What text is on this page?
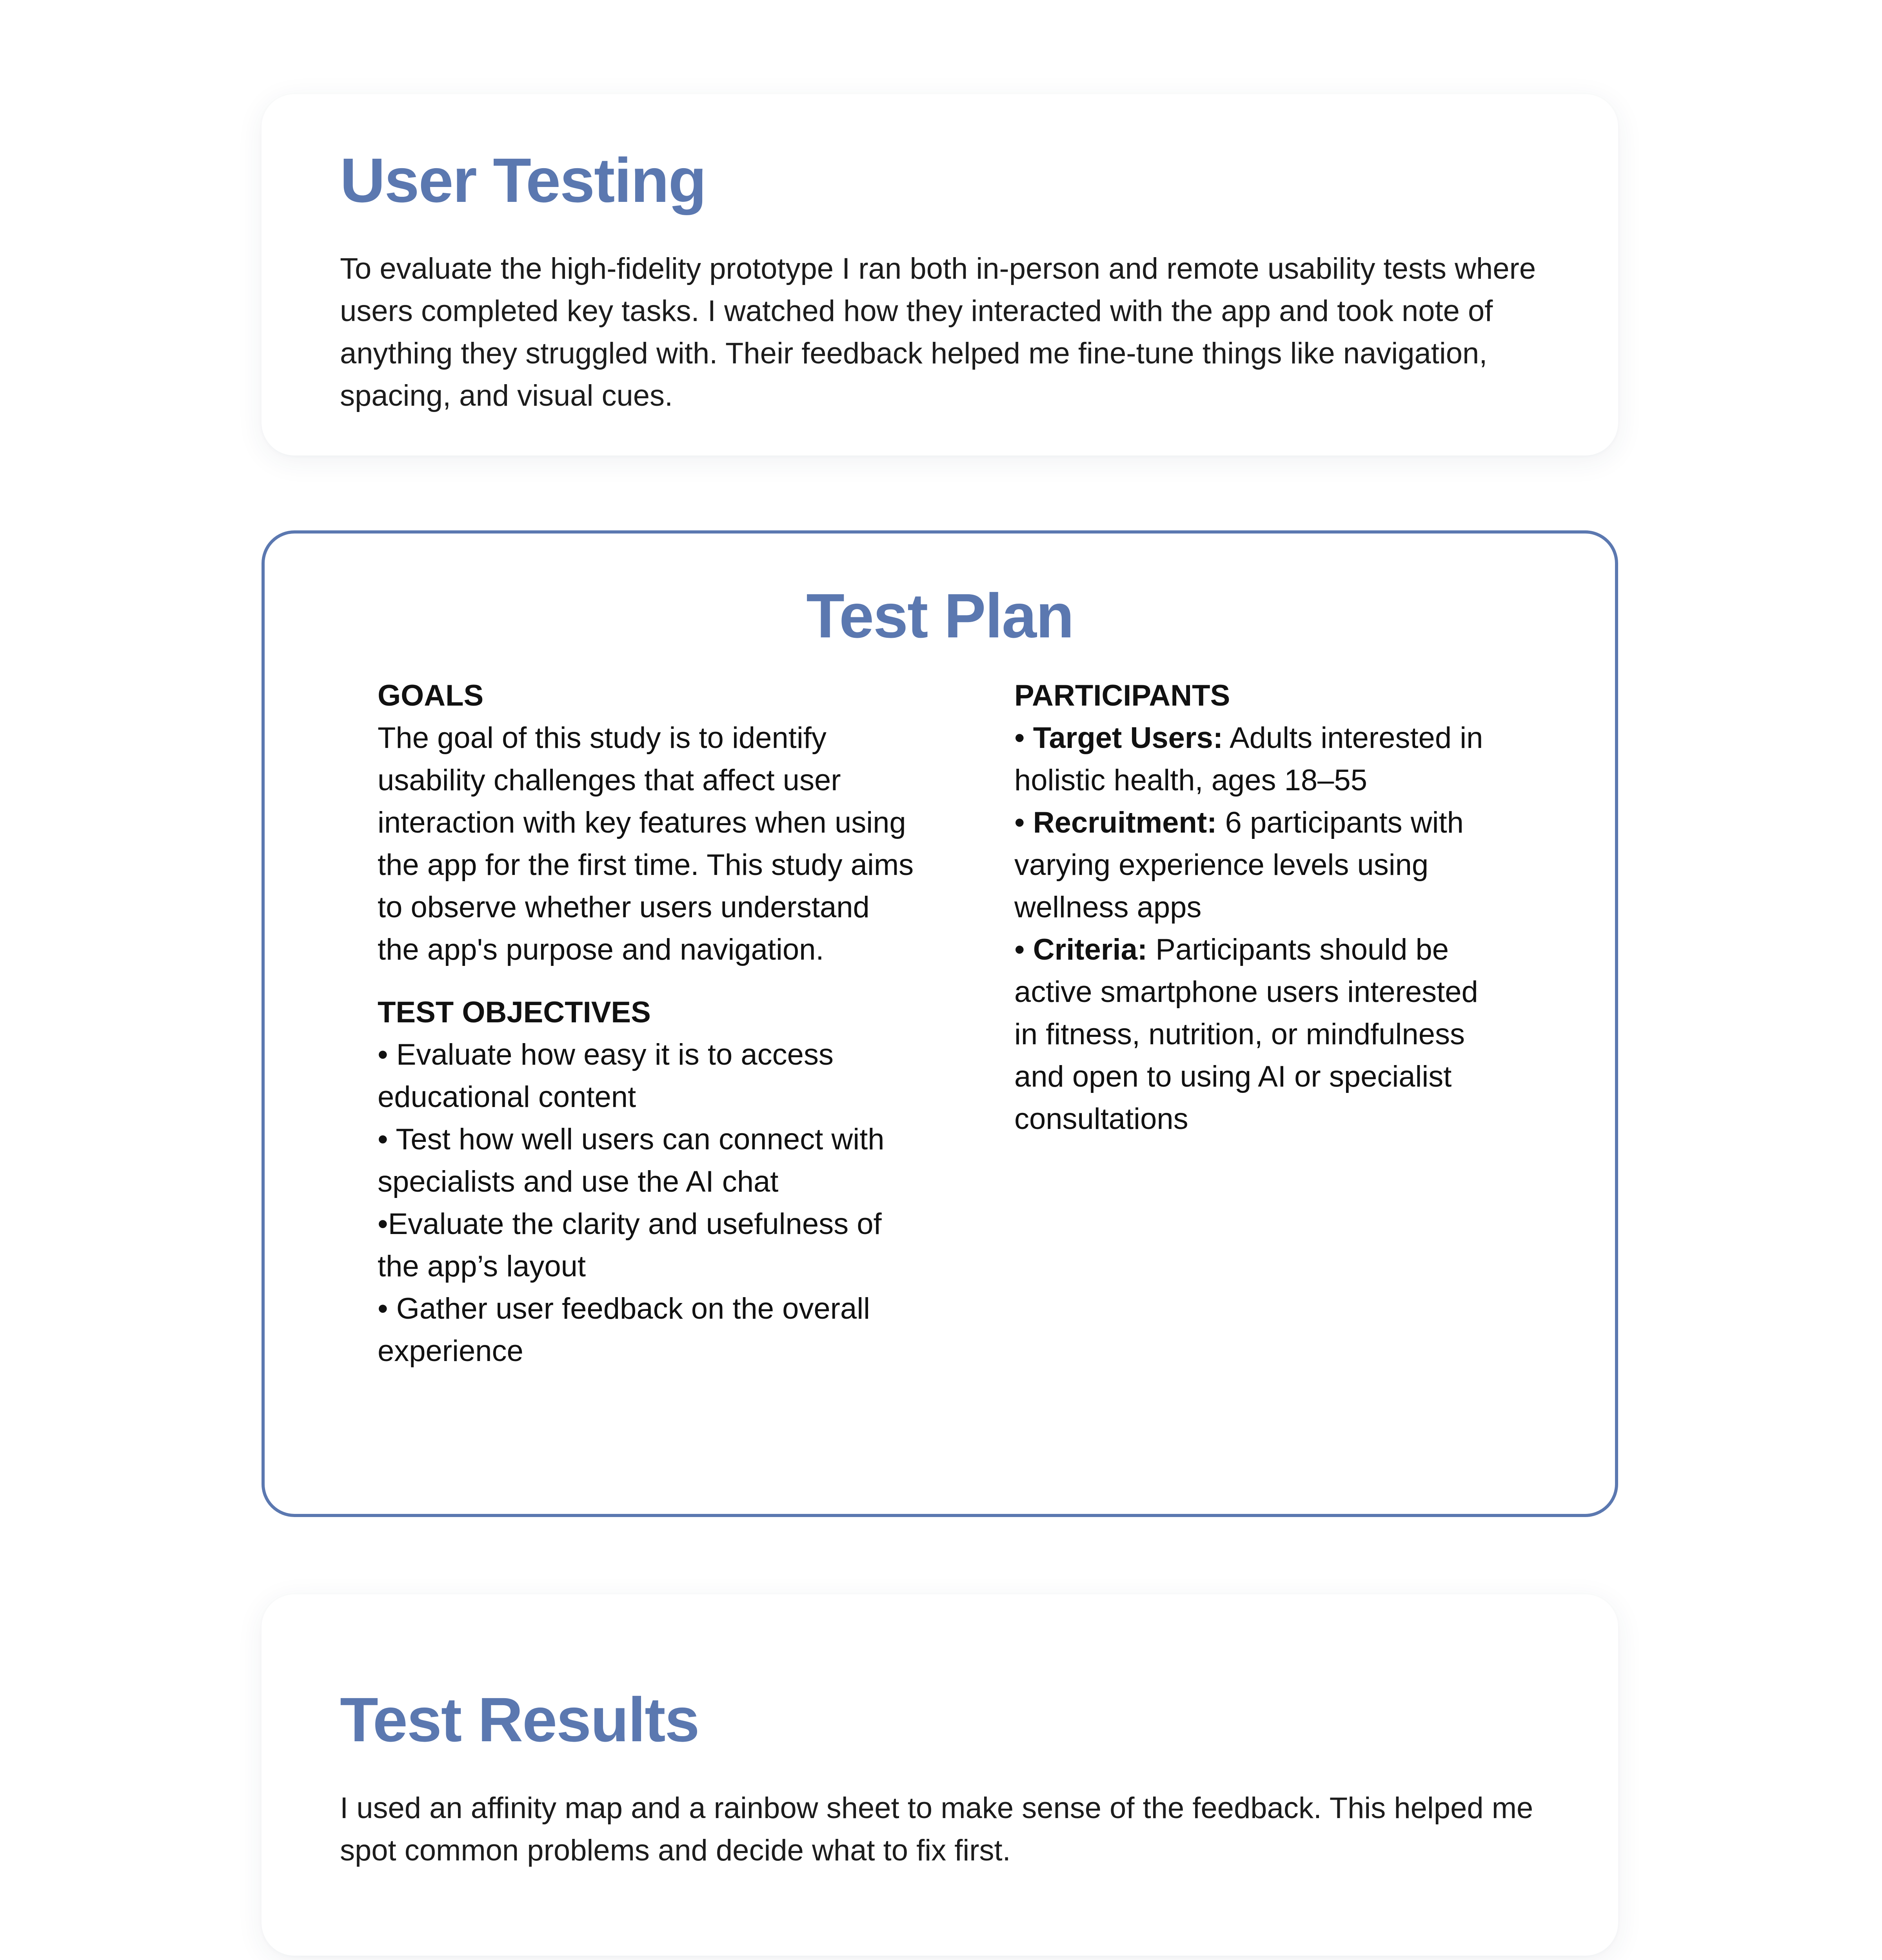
User Testing

To evaluate the high-fidelity prototype I ran both in-person and remote usability tests where users completed key tasks. I watched how they interacted with the app and took note of anything they struggled with. Their feedback helped me fine-tune things like navigation, spacing, and visual cues.

Test Plan
GOALS

The goal of this study is to identify usability challenges that affect user interaction with key features when using the app for the first time. This study aims to observe whether users understand the app's purpose and navigation.

TEST OBJECTIVES

• Evaluate how easy it is to access educational content

• Test how well users can connect with specialists and use the AI chat

•Evaluate the clarity and usefulness of the app’s layout

• Gather user feedback on the overall experience

PARTICIPANTS

• Target Users: Adults interested in holistic health, ages 18–55

• Recruitment: 6 participants with varying experience levels using wellness apps

• Criteria: Participants should be active smartphone users interested in fitness, nutrition, or mindfulness and open to using AI or specialist consultations

Test Results

I used an affinity map and a rainbow sheet to make sense of the feedback. This helped me spot common problems and decide what to fix first.
